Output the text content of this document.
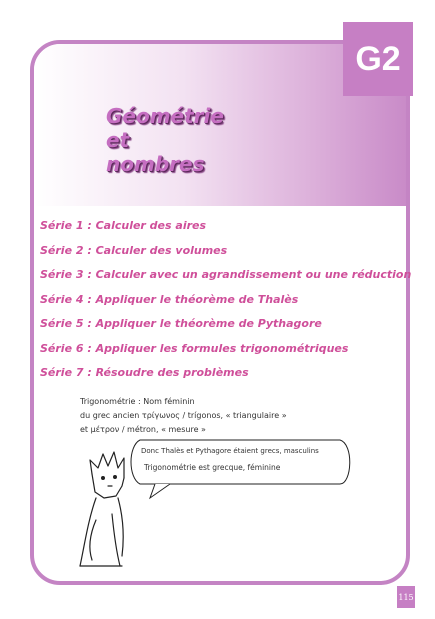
G2
Géométrie
et
nombres
Série 1 : Calculer des aires
Série 2 : Calculer des volumes
Série 3 : Calculer avec un agrandissement ou une réduction
Série 4 : Appliquer le théorème de Thalès
Série 5 : Appliquer le théorème de Pythagore
Série 6 : Appliquer les formules trigonométriques
Série 7 : Résoudre des problèmes
Trigonométrie : Nom féminin
du grec ancien τρίγωνος / trígonos, « triangulaire »
et μέτρον / métron, « mesure »
Donc Thalès et Pythagore étaient grecs, masculins
Trigonométrie est grecque, féminine
115
